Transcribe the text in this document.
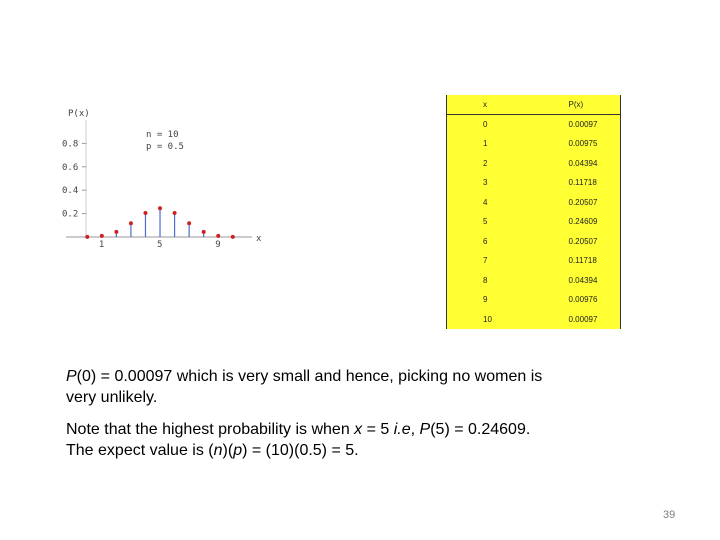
P(x)
x
n = 10
p = 0.5
0.8
0.6
0.4
0.2
1	5	9
x	P(x)
0	0.00097
1	0.00975
2	0.04394
3	0.11718
4	0.20507
5	0.24609
6	0.20507
7	0.11718
8	0.04394
9	0.00976
10	0.00097
P(0) = 0.00097 which is very small and hence, picking no women is very unlikely.
Note that the highest probability is when x = 5 i.e, P(5) = 0.24609. The expect value is (n)(p) = (10)(0.5) = 5.
39
